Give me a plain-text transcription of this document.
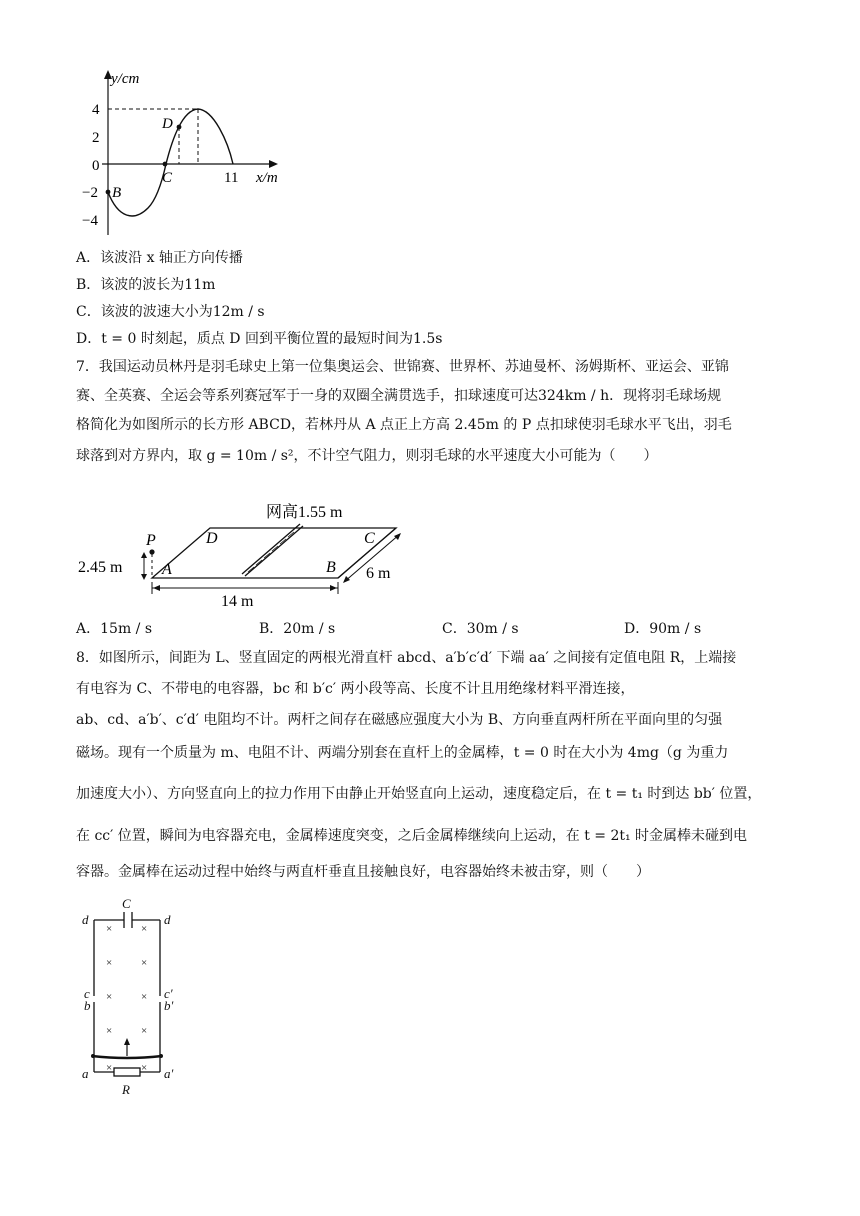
y/cm
x/m
4
2
0
−2
−4
11
B
C
D
A．该波沿 x 轴正方向传播
B．该波的波长为11m
C．该波的波速大小为12m / s
D．t = 0 时刻起，质点 D 回到平衡位置的最短时间为1.5s
7．我国运动员林丹是羽毛球史上第一位集奥运会、世锦赛、世界杯、苏迪曼杯、汤姆斯杯、亚运会、亚锦
赛、全英赛、全运会等系列赛冠军于一身的双圈全满贯选手，扣球速度可达324km / h．现将羽毛球场规
格简化为如图所示的长方形 ABCD，若林丹从 A 点正上方高 2.45m 的 P 点扣球使羽毛球水平飞出，羽毛
球落到对方界内，取 g = 10m / s²，不计空气阻力，则羽毛球的水平速度大小可能为（　　）
网高1.55 m
P
2.45 m A
D
B
C
6 m
14 m
A．15m / s	B．20m / s	C．30m / s	D．90m / s
8．如图所示，间距为 L、竖直固定的两根光滑直杆 abcd、a′b′c′d′ 下端 aa′ 之间接有定值电阻 R，上端接
有电容为 C、不带电的电容器，bc 和 b′c′ 两小段等高、长度不计且用绝缘材料平滑连接，
ab、cd、a′b′、c′d′ 电阻均不计。两杆之间存在磁感应强度大小为 B、方向垂直两杆所在平面向里的匀强
磁场。现有一个质量为 m、电阻不计、两端分别套在直杆上的金属棒，t = 0 时在大小为 4mg（g 为重力
加速度大小）、方向竖直向上的拉力作用下由静止开始竖直向上运动，速度稳定后，在 t = t₁ 时到达 bb′ 位置，
在 cc′ 位置，瞬间为电容器充电，金属棒速度突变，之后金属棒继续向上运动，在 t = 2t₁ 时金属棒未碰到电
容器。金属棒在运动过程中始终与两直杆垂直且接触良好，电容器始终未被击穿，则（　　）
×	×
×	×
×	×
×	×
×	×
C
d	d
c
b
c′
b′
a	a′
R
